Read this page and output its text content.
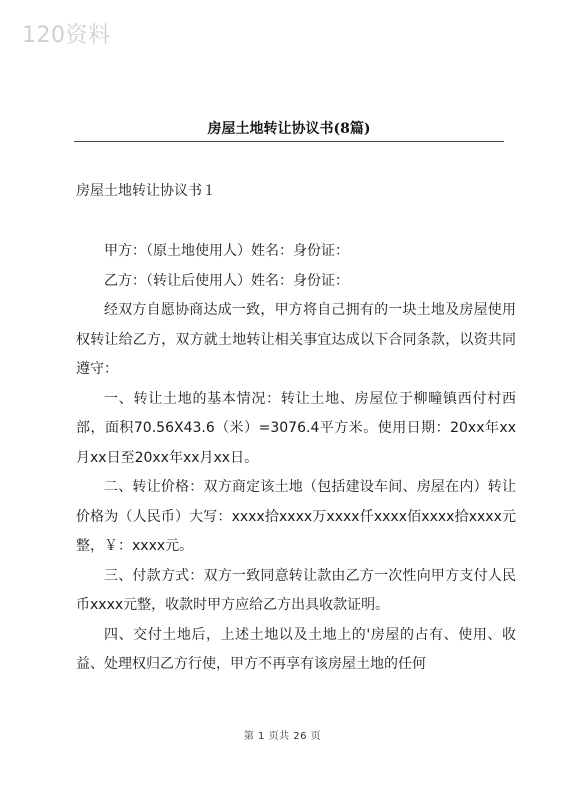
120资料
房屋土地转让协议书(8篇)
房屋土地转让协议书１

甲方：（原土地使用人）姓名：身份证：

乙方：（转让后使用人）姓名：身份证：

经双方自愿协商达成一致，甲方将自己拥有的一块土地及房屋使用权转让给乙方，双方就土地转让相关事宜达成以下合同条款，以资共同遵守：

一、转让土地的基本情况：转让土地、房屋位于柳疃镇西付村西部，面积70.56X43.6（米）=3076.4平方米。使用日期：20xx年xx月xx日至20xx年xx月xx日。

二、转让价格：双方商定该土地（包括建设车间、房屋在内）转让价格为（人民币）大写：xxxx拾xxxx万xxxx仟xxxx佰xxxx拾xxxx元整，￥：xxxx元。

三、付款方式：双方一致同意转让款由乙方一次性向甲方支付人民币xxxx元整，收款时甲方应给乙方出具收款证明。

四、交付土地后，上述土地以及土地上的'房屋的占有、使用、收益、处理权归乙方行使，甲方不再享有该房屋土地的任何

第 1 页共 26 页
